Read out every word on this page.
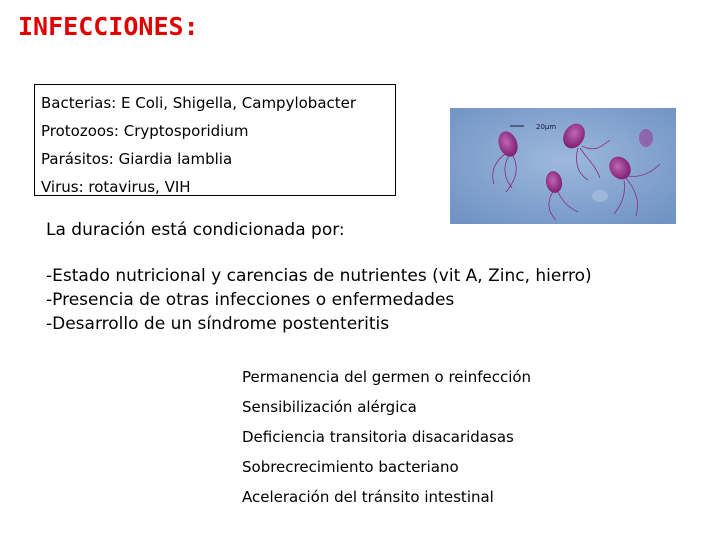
INFECCIONES:
Bacterias: E Coli, Shigella, Campylobacter
Protozoos: Cryptosporidium
Parásitos: Giardia lamblia
Virus: rotavirus, VIH
20µm
La duración está condicionada por:
-Estado nutricional y carencias de nutrientes (vit A, Zinc, hierro)
-Presencia de otras infecciones o enfermedades
-Desarrollo de un síndrome postenteritis
Permanencia del germen o reinfección
Sensibilización alérgica
Deficiencia transitoria disacaridasas
Sobrecrecimiento bacteriano
Aceleración del tránsito intestinal
